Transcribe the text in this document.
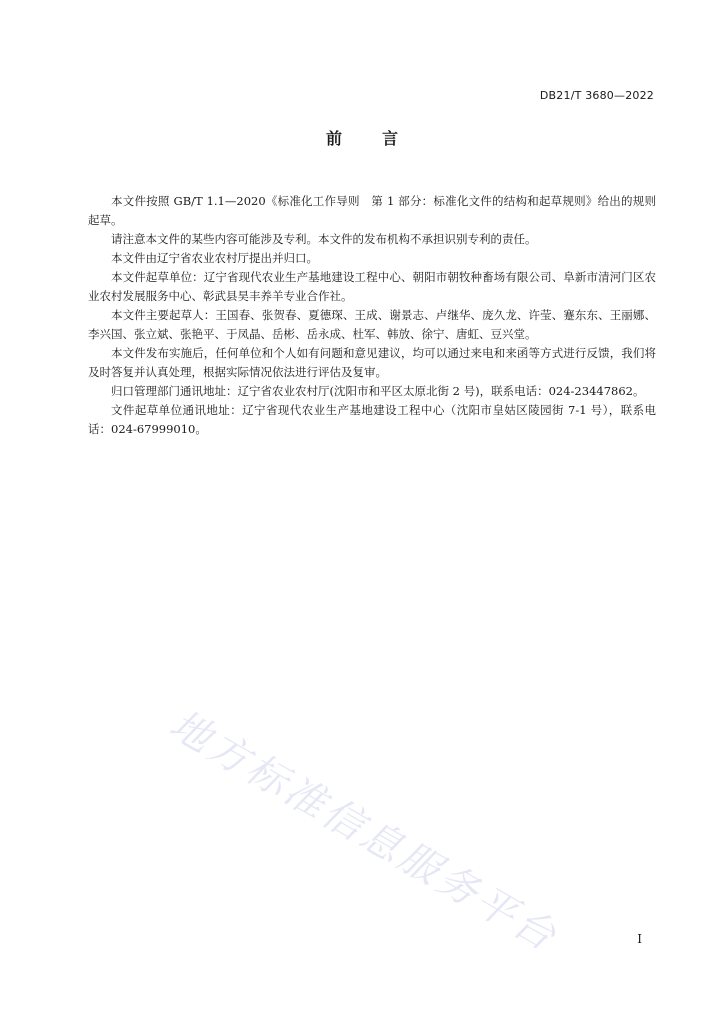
DB21/T 3680—2022
前言

本文件按照 GB/T 1.1—2020《标准化工作导则　第 1 部分：标准化文件的结构和起草规则》给出的规则起草。

请注意本文件的某些内容可能涉及专利。本文件的发布机构不承担识别专利的责任。

本文件由辽宁省农业农村厅提出并归口。

本文件起草单位：辽宁省现代农业生产基地建设工程中心、朝阳市朝牧种畜场有限公司、阜新市清河门区农业农村发展服务中心、彰武县昊丰养羊专业合作社。

本文件主要起草人：王国春、张贺春、夏德琛、王成、谢景志、卢继华、庞久龙、许莹、蹇东东、王丽娜、李兴国、张立斌、张艳平、于凤晶、岳彬、岳永成、杜军、韩放、徐宁、唐虹、豆兴堂。

本文件发布实施后，任何单位和个人如有问题和意见建议，均可以通过来电和来函等方式进行反馈，我们将及时答复并认真处理，根据实际情况依法进行评估及复审。

归口管理部门通讯地址：辽宁省农业农村厅(沈阳市和平区太原北街 2 号)，联系电话：024-23447862。

文件起草单位通讯地址：辽宁省现代农业生产基地建设工程中心（沈阳市皇姑区陵园街 7-1 号），联系电话：024-67999010。

地方标准信息服务平台	I
